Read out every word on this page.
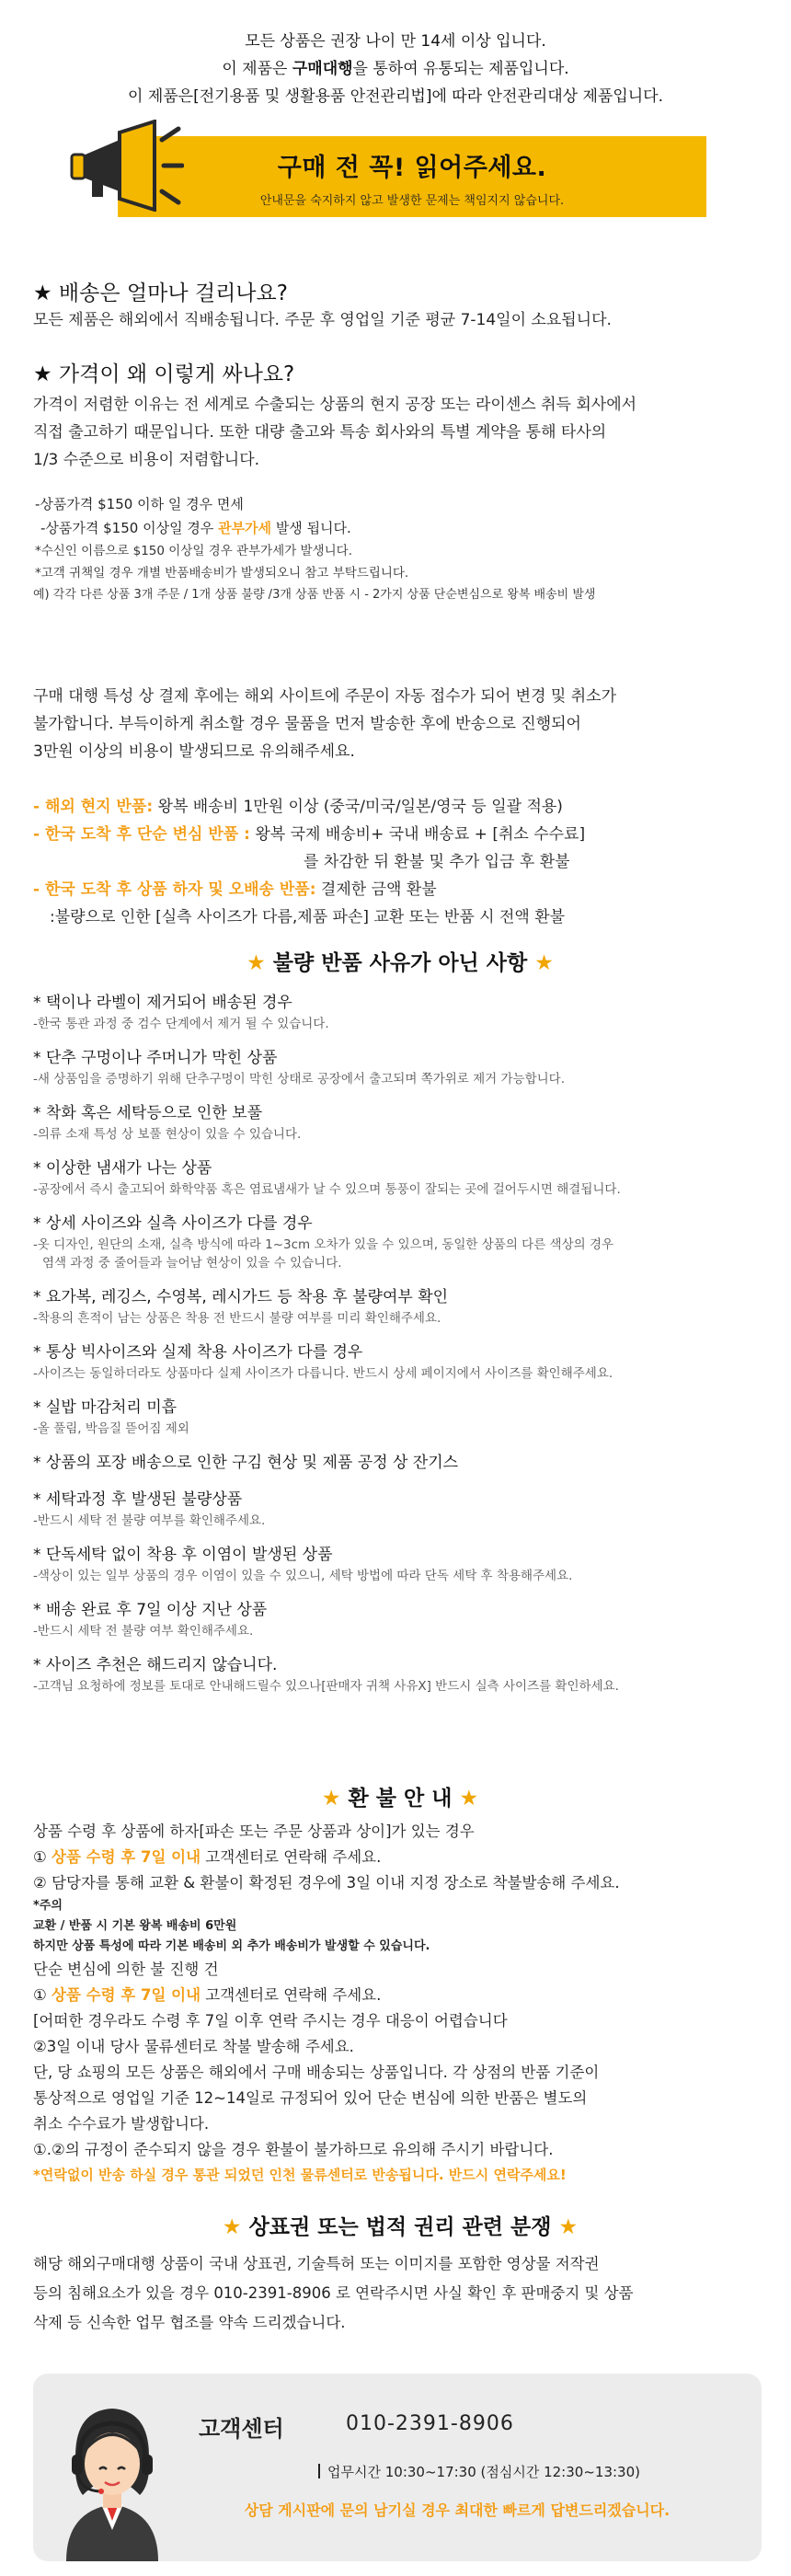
모든 상품은 권장 나이 만 14세 이상 입니다.
이 제품은 구매대행을 통하여 유통되는 제품입니다.
이 제품은[전기용품 및 생활용품 안전관리법]에 따라 안전관리대상 제품입니다.
구매 전 꼭! 읽어주세요.
안내문을 숙지하지 않고 발생한 문제는 책임지지 않습니다.
★ 배송은 얼마나 걸리나요?
모든 제품은 해외에서 직배송됩니다. 주문 후 영업일 기준 평균 7-14일이 소요됩니다.
★ 가격이 왜 이렇게 싸나요?
가격이 저렴한 이유는 전 세계로 수출되는 상품의 현지 공장 또는 라이센스 취득 회사에서
직접 출고하기 때문입니다. 또한 대량 출고와 특송 회사와의 특별 계약을 통해 타사의
1/3 수준으로 비용이 저렴합니다.
-상품가격 $150 이하 일 경우 면세
-상품가격 $150 이상일 경우 관부가세 발생 됩니다.
*수신인 이름으로 $150 이상일 경우 관부가세가 발생니다.
*고객 귀책일 경우 개별 반품배송비가 발생되오니 참고 부탁드립니다.
예) 각각 다른 상품 3개 주문 / 1개 상품 불량 /3개 상품 반품 시 - 2가지 상품 단순변심으로 왕복 배송비 발생
구매 대행 특성 상 결제 후에는 해외 사이트에 주문이 자동 접수가 되어 변경 및 취소가
불가합니다. 부득이하게 취소할 경우 물품을 먼저 발송한 후에 반송으로 진행되어
3만원 이상의 비용이 발생되므로 유의해주세요.
- 해외 현지 반품: 왕복 배송비 1만원 이상 (중국/미국/일본/영국 등 일괄 적용)
- 한국 도착 후 단순 변심 반품 : 왕복 국제 배송비+ 국내 배송료 + [취소 수수료]
를 차감한 뒤 환불 및 추가 입금 후 환불
- 한국 도착 후 상품 하자 및 오배송 반품: 결제한 금액 환불
:불량으로 인한 [실측 사이즈가 다름,제품 파손] 교환 또는 반품 시 전액 환불
★ 불량 반품 사유가 아닌 사항 ★
* 택이나 라벨이 제거되어 배송된 경우
-한국 통관 과정 중 검수 단계에서 제거 될 수 있습니다.
* 단추 구멍이나 주머니가 막힌 상품
-새 상품임을 증명하기 위해 단추구멍이 막힌 상태로 공장에서 출고되며 쪽가위로 제거 가능합니다.
* 착화 혹은 세탁등으로 인한 보풀
-의류 소재 특성 상 보풀 현상이 있을 수 있습니다.
* 이상한 냄새가 나는 상품
-공장에서 즉시 출고되어 화학약품 혹은 염료냄새가 날 수 있으며 통풍이 잘되는 곳에 걸어두시면 해결됩니다.
* 상세 사이즈와 실측 사이즈가 다를 경우
-옷 디자인, 원단의 소재, 실측 방식에 따라 1~3cm 오차가 있을 수 있으며, 동일한 상품의 다른 색상의 경우
염색 과정 중 줄어들과 늘어남 현상이 있을 수 있습니다.
* 요가복, 레깅스, 수영복, 레시가드 등 착용 후 불량여부 확인
-착용의 흔적이 남는 상품은 착용 전 반드시 불량 여부를 미리 확인해주세요.
* 통상 빅사이즈와 실제 착용 사이즈가 다를 경우
-사이즈는 동일하더라도 상품마다 실제 사이즈가 다릅니다. 반드시 상세 페이지에서 사이즈를 확인해주세요.
* 실밥 마감처리 미흡
-올 풀림, 박음질 뜯어짐 제외
* 상품의 포장 배송으로 인한 구김 현상 및 제품 공정 상 잔기스
* 세탁과정 후 발생된 불량상품
-반드시 세탁 전 불량 여부를 확인해주세요.
* 단독세탁 없이 착용 후 이염이 발생된 상품
-색상이 있는 일부 상품의 경우 이염이 있을 수 있으니, 세탁 방법에 따라 단독 세탁 후 착용해주세요.
* 배송 완료 후 7일 이상 지난 상품
-반드시 세탁 전 불량 여부 확인해주세요.
* 사이즈 추천은 해드리지 않습니다.
-고객님 요청하에 정보를 토대로 안내해드릴수 있으나[판매자 귀책 사유X] 반드시 실측 사이즈를 확인하세요.
★ 환 불 안 내 ★
상품 수령 후 상품에 하자[파손 또는 주문 상품과 상이]가 있는 경우
① 상품 수령 후 7일 이내 고객센터로 연락해 주세요.
② 담당자를 통해 교환 & 환불이 확정된 경우에 3일 이내 지정 장소로 착불발송해 주세요.
*주의
교환 / 반품 시 기본 왕복 배송비 6만원
하지만 상품 특성에 따라 기본 배송비 외 추가 배송비가 발생할 수 있습니다.
단순 변심에 의한 불 진행 건
① 상품 수령 후 7일 이내 고객센터로 연락해 주세요.
[어떠한 경우라도 수령 후 7일 이후 연락 주시는 경우 대응이 어렵습니다
②3일 이내 당사 물류센터로 착불 발송해 주세요.
단, 당 쇼핑의 모든 상품은 해외에서 구매 배송되는 상품입니다. 각 상점의 반품 기준이
통상적으로 영업일 기준 12~14일로 규정되어 있어 단순 변심에 의한 반품은 별도의
취소 수수료가 발생합니다.
①.②의 규정이 준수되지 않을 경우 환불이 불가하므로 유의해 주시기 바랍니다.
*연락없이 반송 하실 경우 통관 되었던 인천 물류센터로 반송됩니다. 반드시 연락주세요!
★ 상표권 또는 법적 권리 관련 분쟁 ★
해당 해외구매대행 상품이 국내 상표권, 기술특허 또는 이미지를 포함한 영상물 저작권
등의 침해요소가 있을 경우 010-2391-8906 로 연락주시면 사실 확인 후 판매중지 및 상품
삭제 등 신속한 업무 협조를 약속 드리겠습니다.
고객센터	010-2391-8906
업무시간 10:30~17:30 (점심시간 12:30~13:30)
상담 게시판에 문의 남기실 경우 최대한 빠르게 답변드리겠습니다.
